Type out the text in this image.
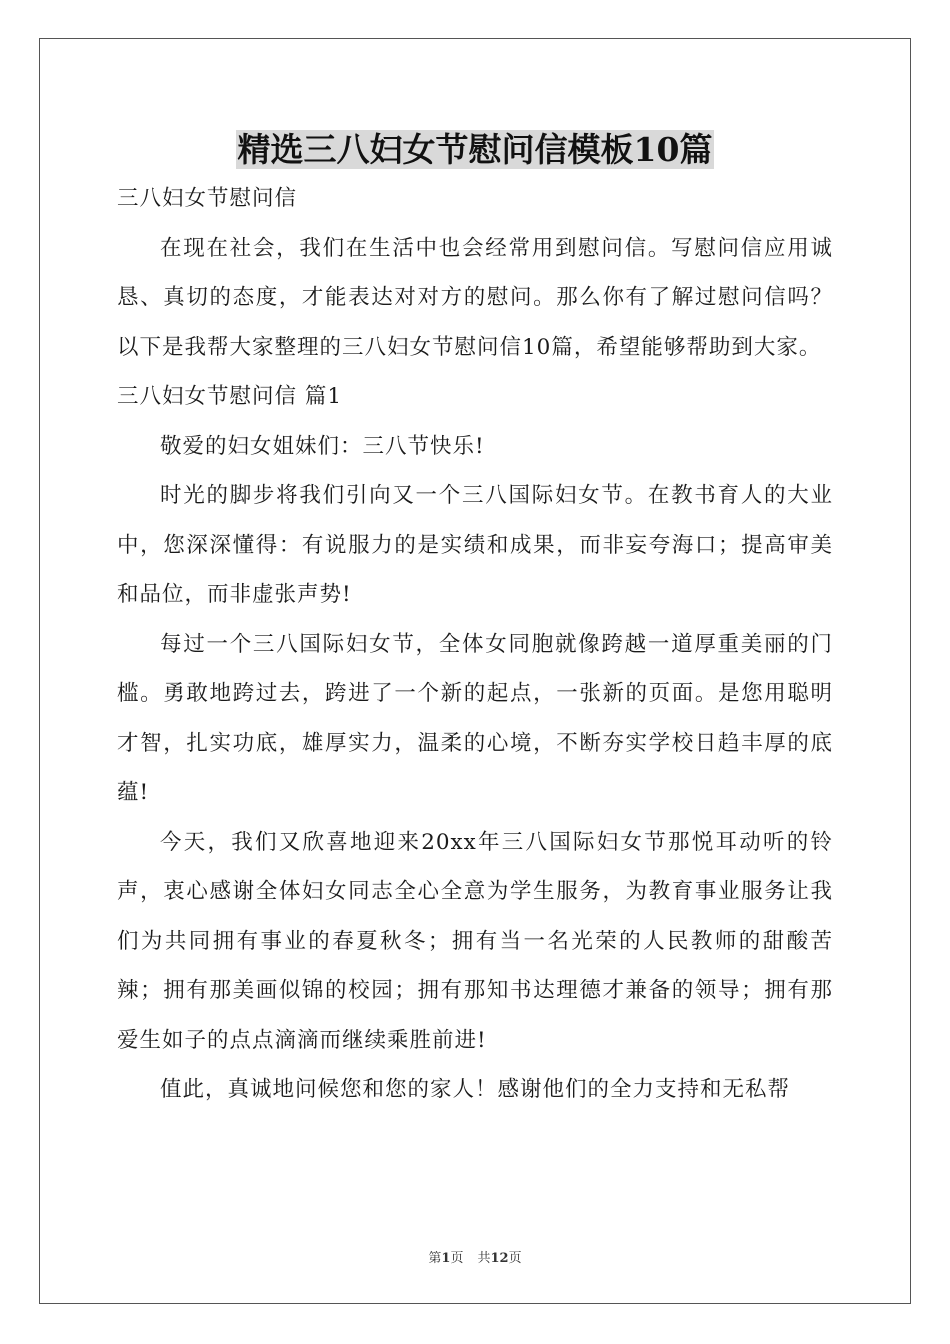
精选三八妇女节慰问信模板10篇

三八妇女节慰问信

在现在社会，我们在生活中也会经常用到慰问信。写慰问信应用诚恳、真切的态度，才能表达对对方的慰问。那么你有了解过慰问信吗？以下是我帮大家整理的三八妇女节慰问信10篇，希望能够帮助到大家。

三八妇女节慰问信 篇1

敬爱的妇女姐妹们：三八节快乐!

时光的脚步将我们引向又一个三八国际妇女节。在教书育人的大业中，您深深懂得：有说服力的是实绩和成果，而非妄夸海口；提高审美和品位，而非虚张声势!

每过一个三八国际妇女节，全体女同胞就像跨越一道厚重美丽的门槛。勇敢地跨过去，跨进了一个新的起点，一张新的页面。是您用聪明才智，扎实功底，雄厚实力，温柔的心境，不断夯实学校日趋丰厚的底蕴!

今天，我们又欣喜地迎来20xx年三八国际妇女节那悦耳动听的铃声，衷心感谢全体妇女同志全心全意为学生服务，为教育事业服务让我们为共同拥有事业的春夏秋冬；拥有当一名光荣的人民教师的甜酸苦辣；拥有那美画似锦的校园；拥有那知书达理德才兼备的领导；拥有那爱生如子的点点滴滴而继续乘胜前进!

值此，真诚地问候您和您的家人！感谢他们的全力支持和无私帮

第1页 共12页
